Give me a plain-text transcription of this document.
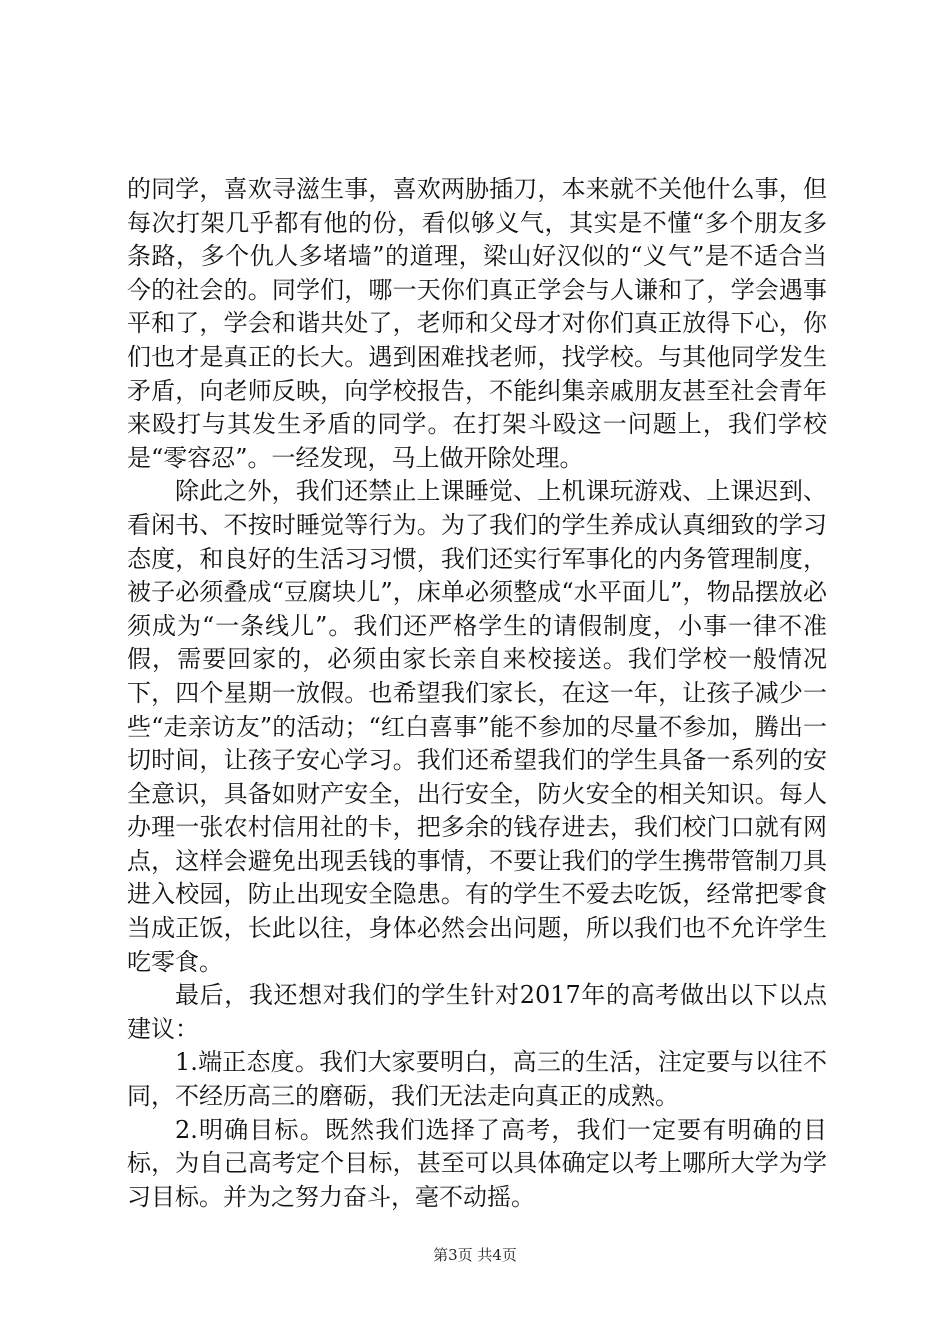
的同学，喜欢寻滋生事，喜欢两胁插刀，本来就不关他什么事，但每次打架几乎都有他的份，看似够义气，其实是不懂“多个朋友多条路，多个仇人多堵墙”的道理，梁山好汉似的“义气”是不适合当今的社会的。同学们，哪一天你们真正学会与人谦和了，学会遇事平和了，学会和谐共处了，老师和父母才对你们真正放得下心，你们也才是真正的长大。遇到困难找老师，找学校。与其他同学发生矛盾，向老师反映，向学校报告，不能纠集亲戚朋友甚至社会青年来殴打与其发生矛盾的同学。在打架斗殴这一问题上，我们学校是“零容忍”。一经发现，马上做开除处理。

除此之外，我们还禁止上课睡觉、上机课玩游戏、上课迟到、看闲书、不按时睡觉等行为。为了我们的学生养成认真细致的学习态度，和良好的生活习习惯，我们还实行军事化的内务管理制度，被子必须叠成“豆腐块儿”，床单必须整成“水平面儿”，物品摆放必须成为“一条线儿”。我们还严格学生的请假制度，小事一律不准假，需要回家的，必须由家长亲自来校接送。我们学校一般情况下，四个星期一放假。也希望我们家长，在这一年，让孩子减少一些“走亲访友”的活动；“红白喜事”能不参加的尽量不参加，腾出一切时间，让孩子安心学习。我们还希望我们的学生具备一系列的安全意识，具备如财产安全，出行安全，防火安全的相关知识。每人办理一张农村信用社的卡，把多余的钱存进去，我们校门口就有网点，这样会避免出现丢钱的事情，不要让我们的学生携带管制刀具进入校园，防止出现安全隐患。有的学生不爱去吃饭，经常把零食当成正饭，长此以往，身体必然会出问题，所以我们也不允许学生吃零食。

最后，我还想对我们的学生针对2017年的高考做出以下以点建议：

1.端正态度。我们大家要明白，高三的生活，注定要与以往不同，不经历高三的磨砺，我们无法走向真正的成熟。

2.明确目标。既然我们选择了高考，我们一定要有明确的目标，为自己高考定个目标，甚至可以具体确定以考上哪所大学为学习目标。并为之努力奋斗，毫不动摇。

第3页 共4页
